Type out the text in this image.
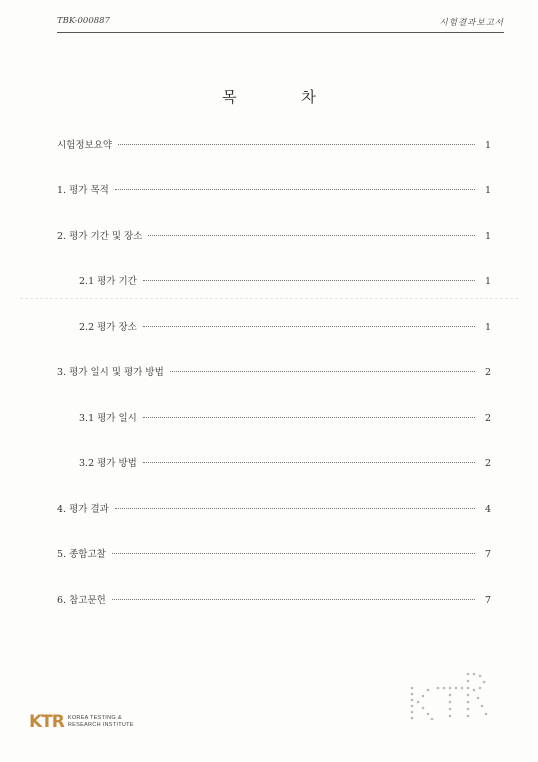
TBK-000887	시험결과보고서
목 차
시험정보요약	1
1. 평가 목적	1
2. 평가 기간 및 장소	1
2.1 평가 기간	1
2.2 평가 장소	1
3. 평가 일시 및 평가 방법	2
3.1 평가 일시	2
3.2 평가 방법	2
4. 평가 결과	4
5. 종합고찰	7
6. 참고문헌	7
KTR KOREA TESTING &
RESEARCH INSTITUTE
KTR
